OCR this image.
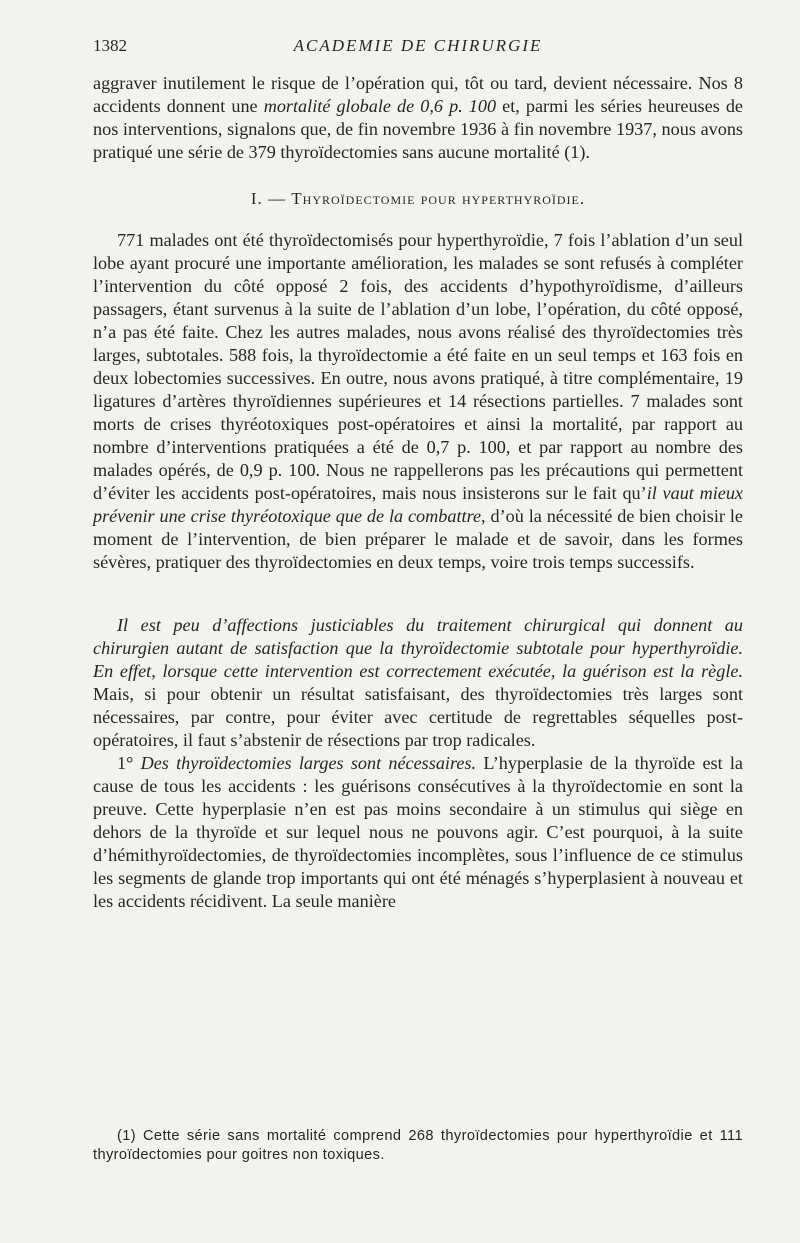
1382	ACADEMIE DE CHIRURGIE

aggraver inutilement le risque de l’opération qui, tôt ou tard, devient nécessaire. Nos 8 accidents donnent une mortalité globale de 0,6 p. 100 et, parmi les séries heureuses de nos interventions, signalons que, de fin novembre 1936 à fin novembre 1937, nous avons pratiqué une série de 379 thyroïdectomies sans aucune mortalité (1).

I. — Thyroïdectomie pour hyperthyroïdie.

771 malades ont été thyroïdectomisés pour hyperthyroïdie, 7 fois l’ablation d’un seul lobe ayant procuré une importante amélioration, les malades se sont refusés à compléter l’intervention du côté opposé 2 fois, des accidents d’hypothyroïdisme, d’ailleurs passagers, étant survenus à la suite de l’ablation d’un lobe, l’opération, du côté opposé, n’a pas été faite. Chez les autres malades, nous avons réalisé des thyroïdectomies très larges, subtotales. 588 fois, la thyroïdectomie a été faite en un seul temps et 163 fois en deux lobectomies successives. En outre, nous avons pratiqué, à titre complémentaire, 19 ligatures d’artères thyroïdiennes supérieures et 14 résections partielles. 7 malades sont morts de crises thyréotoxiques post-opératoires et ainsi la mortalité, par rapport au nombre d’interventions pratiquées a été de 0,7 p. 100, et par rapport au nombre des malades opérés, de 0,9 p. 100. Nous ne rappellerons pas les précautions qui permettent d’éviter les accidents post-opératoires, mais nous insisterons sur le fait qu’il vaut mieux prévenir une crise thyréotoxique que de la combattre, d’où la nécessité de bien choisir le moment de l’intervention, de bien préparer le malade et de savoir, dans les formes sévères, pratiquer des thyroïdectomies en deux temps, voire trois temps successifs.

Il est peu d’affections justiciables du traitement chirurgical qui donnent au chirurgien autant de satisfaction que la thyroïdectomie subtotale pour hyperthyroïdie. En effet, lorsque cette intervention est correctement exécutée, la guérison est la règle. Mais, si pour obtenir un résultat satisfaisant, des thyroïdectomies très larges sont nécessaires, par contre, pour éviter avec certitude de regrettables séquelles post-opératoires, il faut s’abstenir de résections par trop radicales.

1° Des thyroïdectomies larges sont nécessaires. L’hyperplasie de la thyroïde est la cause de tous les accidents : les guérisons consécutives à la thyroïdectomie en sont la preuve. Cette hyperplasie n’en est pas moins secondaire à un stimulus qui siège en dehors de la thyroïde et sur lequel nous ne pouvons agir. C’est pourquoi, à la suite d’hémithyroïdectomies, de thyroïdectomies incomplètes, sous l’influence de ce stimulus les segments de glande trop importants qui ont été ménagés s’hyperplasient à nouveau et les accidents récidivent. La seule manière

(1) Cette série sans mortalité comprend 268 thyroïdectomies pour hyperthyroïdie et 111 thyroïdectomies pour goitres non toxiques.
